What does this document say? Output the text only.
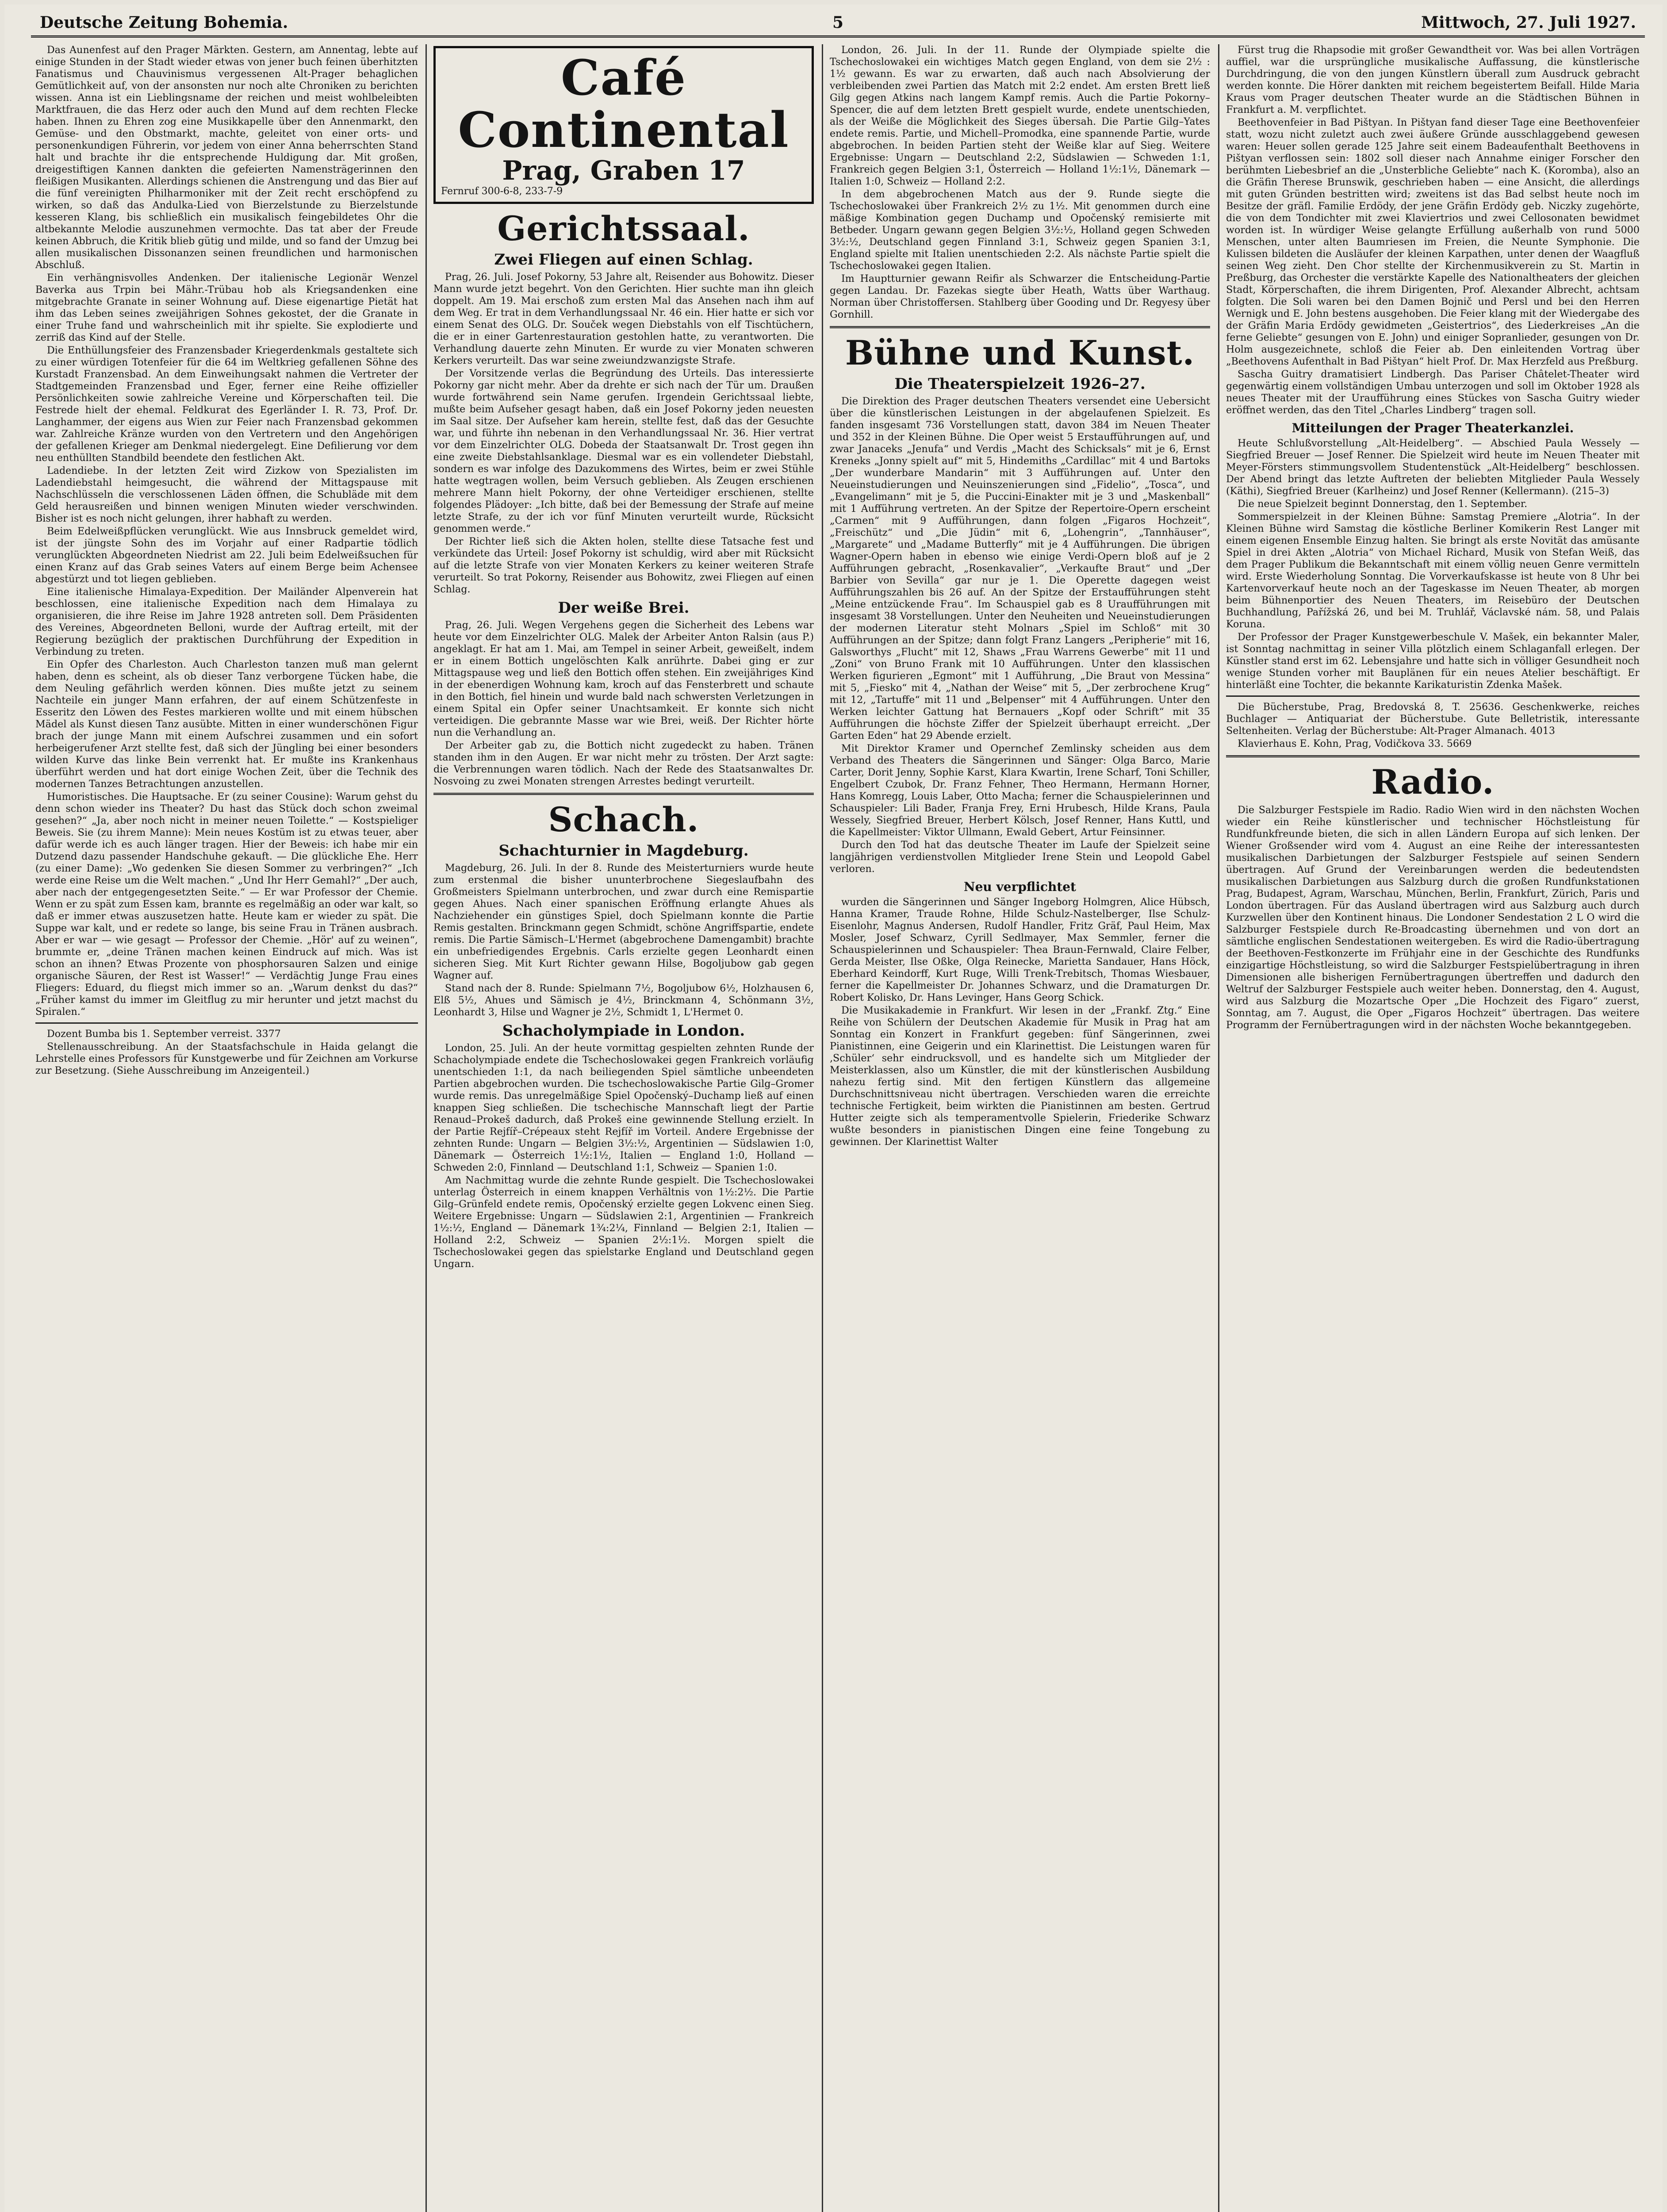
Deutsche Zeitung Bohemia.	5	Mittwoch, 27. Juli 1927.

Das Aunenfest auf den Prager Märkten. Gestern, am Annentag, lebte auf einige Stunden in der Stadt wieder etwas von jener buch feinen überhitzten Fanatismus und Chauvinismus vergessenen Alt-Prager behaglichen Gemütlichkeit auf, von der ansonsten nur noch alte Chroniken zu berichten wissen. Anna ist ein Lieblingsname der reichen und meist wohlbeleibten Marktfrauen, die das Herz oder auch den Mund auf dem rechten Flecke haben. Ihnen zu Ehren zog eine Musikkapelle über den Annenmarkt, den Gemüse- und den Obstmarkt, machte, geleitet von einer orts- und personenkundigen Führerin, vor jedem von einer Anna beherrschten Stand halt und brachte ihr die entsprechende Huldigung dar. Mit großen, dreigestiftigen Kannen dankten die gefeierten Namensträgerinnen den fleißigen Musikanten. Allerdings schienen die Anstrengung und das Bier auf die fünf vereinigten Philharmoniker mit der Zeit recht erschöpfend zu wirken, so daß das Andulka-Lied von Bierzelstunde zu Bierzelstunde kesseren Klang, bis schließlich ein musikalisch feingebildetes Ohr die altbekannte Melodie auszunehmen vermochte. Das tat aber der Freude keinen Abbruch, die Kritik blieb gütig und milde, und so fand der Umzug bei allen musikalischen Dissonanzen seinen freundlichen und harmonischen Abschluß.

Ein verhängnisvolles Andenken. Der italienische Legionär Wenzel Baverka aus Trpin bei Mähr.-Trübau hob als Kriegsandenken eine mitgebrachte Granate in seiner Wohnung auf. Diese eigenartige Pietät hat ihm das Leben seines zweijährigen Sohnes gekostet, der die Granate in einer Truhe fand und wahrscheinlich mit ihr spielte. Sie explodierte und zerriß das Kind auf der Stelle.

Die Enthüllungsfeier des Franzensbader Kriegerdenkmals gestaltete sich zu einer würdigen Totenfeier für die 64 im Weltkrieg gefallenen Söhne des Kurstadt Franzensbad. An dem Einweihungsakt nahmen die Vertreter der Stadtgemeinden Franzensbad und Eger, ferner eine Reihe offizieller Persönlichkeiten sowie zahlreiche Vereine und Körperschaften teil. Die Festrede hielt der ehemal. Feldkurat des Egerländer I. R. 73, Prof. Dr. Langhammer, der eigens aus Wien zur Feier nach Franzensbad gekommen war. Zahlreiche Kränze wurden von den Vertretern und den Angehörigen der gefallenen Krieger am Denkmal niedergelegt. Eine Defilierung vor dem neu enthüllten Standbild beendete den festlichen Akt.

Ladendiebe. In der letzten Zeit wird Zizkow von Spezialisten im Ladendiebstahl heimgesucht, die während der Mittagspause mit Nachschlüsseln die verschlossenen Läden öffnen, die Schubläde mit dem Geld herausreißen und binnen wenigen Minuten wieder verschwinden. Bisher ist es noch nicht gelungen, ihrer habhaft zu werden.

Beim Edelweißpflücken verunglückt. Wie aus Innsbruck gemeldet wird, ist der jüngste Sohn des im Vorjahr auf einer Radpartie tödlich verunglückten Abgeordneten Niedrist am 22. Juli beim Edelweißsuchen für einen Kranz auf das Grab seines Vaters auf einem Berge beim Achensee abgestürzt und tot liegen geblieben.

Eine italienische Himalaya-Expedition. Der Mailänder Alpenverein hat beschlossen, eine italienische Expedition nach dem Himalaya zu organisieren, die ihre Reise im Jahre 1928 antreten soll. Dem Präsidenten des Vereines, Abgeordneten Belloni, wurde der Auftrag erteilt, mit der Regierung bezüglich der praktischen Durchführung der Expedition in Verbindung zu treten.

Ein Opfer des Charleston. Auch Charleston tanzen muß man gelernt haben, denn es scheint, als ob dieser Tanz verborgene Tücken habe, die dem Neuling gefährlich werden können. Dies mußte jetzt zu seinem Nachteile ein junger Mann erfahren, der auf einem Schützenfeste in Esseritz den Löwen des Festes markieren wollte und mit einem hübschen Mädel als Kunst diesen Tanz ausübte. Mitten in einer wunderschönen Figur brach der junge Mann mit einem Aufschrei zusammen und ein sofort herbeigerufener Arzt stellte fest, daß sich der Jüngling bei einer besonders wilden Kurve das linke Bein verrenkt hat. Er mußte ins Krankenhaus überführt werden und hat dort einige Wochen Zeit, über die Technik des modernen Tanzes Betrachtungen anzustellen.

Humoristisches. Die Hauptsache. Er (zu seiner Cousine): Warum gehst du denn schon wieder ins Theater? Du hast das Stück doch schon zweimal gesehen?“ „Ja, aber noch nicht in meiner neuen Toilette.“ — Kostspieliger Beweis. Sie (zu ihrem Manne): Mein neues Kostüm ist zu etwas teuer, aber dafür werde ich es auch länger tragen. Hier der Beweis: ich habe mir ein Dutzend dazu passender Handschuhe gekauft. — Die glückliche Ehe. Herr (zu einer Dame): „Wo gedenken Sie diesen Sommer zu verbringen?“ „Ich werde eine Reise um die Welt machen.“ „Und Ihr Herr Gemahl?“ „Der auch, aber nach der entgegengesetzten Seite.“ — Er war Professor der Chemie. Wenn er zu spät zum Essen kam, brannte es regelmäßig an oder war kalt, so daß er immer etwas auszusetzen hatte. Heute kam er wieder zu spät. Die Suppe war kalt, und er redete so lange, bis seine Frau in Tränen ausbrach. Aber er war — wie gesagt — Professor der Chemie. „Hör' auf zu weinen“, brummte er, „deine Tränen machen keinen Eindruck auf mich. Was ist schon an ihnen? Etwas Prozente von phosphorsauren Salzen und einige organische Säuren, der Rest ist Wasser!“ — Verdächtig Junge Frau eines Fliegers: Eduard, du fliegst mich immer so an. „Warum denkst du das?“ „Früher kamst du immer im Gleitflug zu mir herunter und jetzt machst du Spiralen.“

Dozent Bumba bis 1. September verreist. 3377

Stellenausschreibung. An der Staatsfachschule in Haida gelangt die Lehrstelle eines Professors für Kunstgewerbe und für Zeichnen am Vorkurse zur Besetzung. (Siehe Ausschreibung im Anzeigenteil.)

Café Continental
Prag, Graben 17
Fernruf 300-6-8, 233-7-9
Gerichtssaal.
Zwei Fliegen auf einen Schlag.

Prag, 26. Juli. Josef Pokorny, 53 Jahre alt, Reisender aus Bohowitz. Dieser Mann wurde jetzt begehrt. Von den Gerichten. Hier suchte man ihn gleich doppelt. Am 19. Mai erschoß zum ersten Mal das Ansehen nach ihm auf dem Weg. Er trat in dem Verhandlungssaal Nr. 46 ein. Hier hatte er sich vor einem Senat des OLG. Dr. Souček wegen Diebstahls von elf Tischtüchern, die er in einer Gartenrestauration gestohlen hatte, zu verantworten. Die Verhandlung dauerte zehn Minuten. Er wurde zu vier Monaten schweren Kerkers verurteilt. Das war seine zweiundzwanzigste Strafe.

Der Vorsitzende verlas die Begründung des Urteils. Das interessierte Pokorny gar nicht mehr. Aber da drehte er sich nach der Tür um. Draußen wurde fortwährend sein Name gerufen. Irgendein Gerichtssaal liebte, mußte beim Aufseher gesagt haben, daß ein Josef Pokorny jeden neuesten im Saal sitze. Der Aufseher kam herein, stellte fest, daß das der Gesuchte war, und führte ihn nebenan in den Verhandlungssaal Nr. 36. Hier vertrat vor dem Einzelrichter OLG. Dobeda der Staatsanwalt Dr. Trost gegen ihn eine zweite Diebstahlsanklage. Diesmal war es ein vollendeter Diebstahl, sondern es war infolge des Dazukommens des Wirtes, beim er zwei Stühle hatte wegtragen wollen, beim Versuch geblieben. Als Zeugen erschienen mehrere Mann hielt Pokorny, der ohne Verteidiger erschienen, stellte folgendes Plädoyer: „Ich bitte, daß bei der Bemessung der Strafe auf meine letzte Strafe, zu der ich vor fünf Minuten verurteilt wurde, Rücksicht genommen werde.“

Der Richter ließ sich die Akten holen, stellte diese Tatsache fest und verkündete das Urteil: Josef Pokorny ist schuldig, wird aber mit Rücksicht auf die letzte Strafe von vier Monaten Kerkers zu keiner weiteren Strafe verurteilt. So trat Pokorny, Reisender aus Bohowitz, zwei Fliegen auf einen Schlag.

Der weiße Brei.

Prag, 26. Juli. Wegen Vergehens gegen die Sicherheit des Lebens war heute vor dem Einzelrichter OLG. Malek der Arbeiter Anton Ralsin (aus P.) angeklagt. Er hat am 1. Mai, am Tempel in seiner Arbeit, geweißelt, indem er in einem Bottich ungelöschten Kalk anrührte. Dabei ging er zur Mittagspause weg und ließ den Bottich offen stehen. Ein zweijähriges Kind in der ebenerdigen Wohnung kam, kroch auf das Fensterbrett und schaute in den Bottich, fiel hinein und wurde bald nach schwersten Verletzungen in einem Spital ein Opfer seiner Unachtsamkeit. Er konnte sich nicht verteidigen. Die gebrannte Masse war wie Brei, weiß. Der Richter hörte nun die Verhandlung an.

Der Arbeiter gab zu, die Bottich nicht zugedeckt zu haben. Tränen standen ihm in den Augen. Er war nicht mehr zu trösten. Der Arzt sagte: die Verbrennungen waren tödlich. Nach der Rede des Staatsanwaltes Dr. Nosvoing zu zwei Monaten strengen Arrestes bedingt verurteilt.

Schach.
Schachturnier in Magdeburg.

Magdeburg, 26. Juli. In der 8. Runde des Meisterturniers wurde heute zum erstenmal die bisher ununterbrochene Siegeslaufbahn des Großmeisters Spielmann unterbrochen, und zwar durch eine Remispartie gegen Ahues. Nach einer spanischen Eröffnung erlangte Ahues als Nachziehender ein günstiges Spiel, doch Spielmann konnte die Partie Remis gestalten. Brinckmann gegen Schmidt, schöne Angriffspartie, endete remis. Die Partie Sämisch–L'Hermet (abgebrochene Damengambit) brachte ein unbefriedigendes Ergebnis. Carls erzielte gegen Leonhardt einen sicheren Sieg. Mit Kurt Richter gewann Hilse, Bogoljubow gab gegen Wagner auf.

Stand nach der 8. Runde: Spielmann 7½, Bogoljubow 6½, Holzhausen 6, Elß 5½, Ahues und Sämisch je 4½, Brinckmann 4, Schönmann 3½, Leonhardt 3, Hilse und Wagner je 2½, Schmidt 1, L'Hermet 0.

Schacholympiade in London.

London, 25. Juli. An der heute vormittag gespielten zehnten Runde der Schacholympiade endete die Tschechoslowakei gegen Frankreich vorläufig unentschieden 1:1, da nach beiliegenden Spiel sämtliche unbeendeten Partien abgebrochen wurden. Die tschechoslowakische Partie Gilg–Gromer wurde remis. Das unregelmäßige Spiel Opočenský–Duchamp ließ auf einen knappen Sieg schließen. Die tschechische Mannschaft liegt der Partie Renaud–Prokeš dadurch, daß Prokeš eine gewinnende Stellung erzielt. In der Partie Rejfíř–Crépeaux steht Rejfíř im Vorteil. Andere Ergebnisse der zehnten Runde: Ungarn — Belgien 3½:½, Argentinien — Südslawien 1:0, Dänemark — Österreich 1½:1½, Italien — England 1:0, Holland — Schweden 2:0, Finnland — Deutschland 1:1, Schweiz — Spanien 1:0.

Am Nachmittag wurde die zehnte Runde gespielt. Die Tschechoslowakei unterlag Österreich in einem knappen Verhältnis von 1½:2½. Die Partie Gilg–Grünfeld endete remis, Opočenský erzielte gegen Lokvenc einen Sieg. Weitere Ergebnisse: Ungarn — Südslawien 2:1, Argentinien — Frankreich 1½:½, England — Dänemark 1¾:2¼, Finnland — Belgien 2:1, Italien — Holland 2:2, Schweiz — Spanien 2½:1½. Morgen spielt die Tschechoslowakei gegen das spielstarke England und Deutschland gegen Ungarn.

London, 26. Juli. In der 11. Runde der Olympiade spielte die Tschechoslowakei ein wichtiges Match gegen England, von dem sie 2½ : 1½ gewann. Es war zu erwarten, daß auch nach Absolvierung der verbleibenden zwei Partien das Match mit 2:2 endet. Am ersten Brett ließ Gilg gegen Atkins nach langem Kampf remis. Auch die Partie Pokorny–Spencer, die auf dem letzten Brett gespielt wurde, endete unentschieden, als der Weiße die Möglichkeit des Sieges übersah. Die Partie Gilg–Yates endete remis. Partie, und Michell–Promodka, eine spannende Partie, wurde abgebrochen. In beiden Partien steht der Weiße klar auf Sieg. Weitere Ergebnisse: Ungarn — Deutschland 2:2, Südslawien — Schweden 1:1, Frankreich gegen Belgien 3:1, Österreich — Holland 1½:1½, Dänemark — Italien 1:0, Schweiz — Holland 2:2.

In dem abgebrochenen Match aus der 9. Runde siegte die Tschechoslowakei über Frankreich 2½ zu 1½. Mit genommen durch eine mäßige Kombination gegen Duchamp und Opočenský remisierte mit Betbeder. Ungarn gewann gegen Belgien 3½:½, Holland gegen Schweden 3½:½, Deutschland gegen Finnland 3:1, Schweiz gegen Spanien 3:1, England spielte mit Italien unentschieden 2:2. Als nächste Partie spielt die Tschechoslowakei gegen Italien.

Im Hauptturnier gewann Reifir als Schwarzer die Entscheidung-Partie gegen Landau. Dr. Fazekas siegte über Heath, Watts über Warthaug. Norman über Christoffersen. Stahlberg über Gooding und Dr. Regyesy über Gornhill.

Bühne und Kunst.
Die Theaterspielzeit 1926–27.

Die Direktion des Prager deutschen Theaters versendet eine Uebersicht über die künstlerischen Leistungen in der abgelaufenen Spielzeit. Es fanden insgesamt 736 Vorstellungen statt, davon 384 im Neuen Theater und 352 in der Kleinen Bühne. Die Oper weist 5 Erstaufführungen auf, und zwar Janaceks „Jenufa“ und Verdis „Macht des Schicksals“ mit je 6, Ernst Kreneks „Jonny spielt auf“ mit 5, Hindemiths „Cardillac“ mit 4 und Bartoks „Der wunderbare Mandarin“ mit 3 Aufführungen auf. Unter den Neueinstudierungen und Neuinszenierungen sind „Fidelio“, „Tosca“, und „Evangelimann“ mit je 5, die Puccini-Einakter mit je 3 und „Maskenball“ mit 1 Aufführung vertreten. An der Spitze der Repertoire-Opern erscheint „Carmen“ mit 9 Aufführungen, dann folgen „Figaros Hochzeit“, „Freischütz“ und „Die Jüdin“ mit 6, „Lohengrin“, „Tannhäuser“, „Margarete“ und „Madame Butterfly“ mit je 4 Aufführungen. Die übrigen Wagner-Opern haben in ebenso wie einige Verdi-Opern bloß auf je 2 Aufführungen gebracht, „Rosenkavalier“, „Verkaufte Braut“ und „Der Barbier von Sevilla“ gar nur je 1. Die Operette dagegen weist Aufführungszahlen bis 26 auf. An der Spitze der Erstaufführungen steht „Meine entzückende Frau“. Im Schauspiel gab es 8 Uraufführungen mit insgesamt 38 Vorstellungen. Unter den Neuheiten und Neueinstudierungen der modernen Literatur steht Molnars „Spiel im Schloß“ mit 30 Aufführungen an der Spitze; dann folgt Franz Langers „Peripherie“ mit 16, Galsworthys „Flucht“ mit 12, Shaws „Frau Warrens Gewerbe“ mit 11 und „Zoni“ von Bruno Frank mit 10 Aufführungen. Unter den klassischen Werken figurieren „Egmont“ mit 1 Aufführung, „Die Braut von Messina“ mit 5, „Fiesko“ mit 4, „Nathan der Weise“ mit 5, „Der zerbrochene Krug“ mit 12, „Tartuffe“ mit 11 und „Belpenser“ mit 4 Aufführungen. Unter den Werken leichter Gattung hat Bernauers „Kopf oder Schrift“ mit 35 Aufführungen die höchste Ziffer der Spielzeit überhaupt erreicht. „Der Garten Eden“ hat 29 Abende erzielt.

Mit Direktor Kramer und Opernchef Zemlinsky scheiden aus dem Verband des Theaters die Sängerinnen und Sänger: Olga Barco, Marie Carter, Dorit Jenny, Sophie Karst, Klara Kwartin, Irene Scharf, Toni Schiller, Engelbert Czubok, Dr. Franz Fehner, Theo Hermann, Hermann Horner, Hans Komregg, Louis Laber, Otto Macha; ferner die Schauspielerinnen und Schauspieler: Lili Bader, Franja Frey, Erni Hrubesch, Hilde Krans, Paula Wessely, Siegfried Breuer, Herbert Kölsch, Josef Renner, Hans Kuttl, und die Kapellmeister: Viktor Ullmann, Ewald Gebert, Artur Feinsinner.

Durch den Tod hat das deutsche Theater im Laufe der Spielzeit seine langjährigen verdienstvollen Mitglieder Irene Stein und Leopold Gabel verloren.

Neu verpflichtet

wurden die Sängerinnen und Sänger Ingeborg Holmgren, Alice Hübsch, Hanna Kramer, Traude Rohne, Hilde Schulz-Nastelberger, Ilse Schulz-Eisenlohr, Magnus Andersen, Rudolf Handler, Fritz Gräf, Paul Heim, Max Mosler, Josef Schwarz, Cyrill Sedlmayer, Max Semmler, ferner die Schauspielerinnen und Schauspieler: Thea Braun-Fernwald, Claire Felber, Gerda Meister, Ilse Oßke, Olga Reinecke, Marietta Sandauer, Hans Höck, Eberhard Keindorff, Kurt Ruge, Willi Trenk-Trebitsch, Thomas Wiesbauer, ferner die Kapellmeister Dr. Johannes Schwarz, und die Dramaturgen Dr. Robert Kolisko, Dr. Hans Levinger, Hans Georg Schick.

Die Musikakademie in Frankfurt. Wir lesen in der „Frankf. Ztg.“ Eine Reihe von Schülern der Deutschen Akademie für Musik in Prag hat am Sonntag ein Konzert in Frankfurt gegeben: fünf Sängerinnen, zwei Pianistinnen, eine Geigerin und ein Klarinettist. Die Leistungen waren für ‚Schüler‘ sehr eindrucksvoll, und es handelte sich um Mitglieder der Meisterklassen, also um Künstler, die mit der künstlerischen Ausbildung nahezu fertig sind. Mit den fertigen Künstlern das allgemeine Durchschnittsniveau nicht übertragen. Verschieden waren die erreichte technische Fertigkeit, beim wirkten die Pianistinnen am besten. Gertrud Hutter zeigte sich als temperamentvolle Spielerin, Friederike Schwarz wußte besonders in pianistischen Dingen eine feine Tongebung zu gewinnen. Der Klarinettist Walter

Fürst trug die Rhapsodie mit großer Gewandtheit vor. Was bei allen Vorträgen auffiel, war die ursprüngliche musikalische Auffassung, die künstlerische Durchdringung, die von den jungen Künstlern überall zum Ausdruck gebracht werden konnte. Die Hörer dankten mit reichem begeistertem Beifall. Hilde Maria Kraus vom Prager deutschen Theater wurde an die Städtischen Bühnen in Frankfurt a. M. verpflichtet.

Beethovenfeier in Bad Pištyan. In Pištyan fand dieser Tage eine Beethovenfeier statt, wozu nicht zuletzt auch zwei äußere Gründe ausschlaggebend gewesen waren: Heuer sollen gerade 125 Jahre seit einem Badeaufenthalt Beethovens in Pištyan verflossen sein: 1802 soll dieser nach Annahme einiger Forscher den berühmten Liebesbrief an die „Unsterbliche Geliebte“ nach K. (Koromba), also an die Gräfin Therese Brunswik, geschrieben haben — eine Ansicht, die allerdings mit guten Gründen bestritten wird; zweitens ist das Bad selbst heute noch im Besitze der gräfl. Familie Erdödy, der jene Gräfin Erdödy geb. Niczky zugehörte, die von dem Tondichter mit zwei Klaviertrios und zwei Cellosonaten bewidmet worden ist. In würdiger Weise gelangte Erfüllung außerhalb von rund 5000 Menschen, unter alten Baumriesen im Freien, die Neunte Symphonie. Die Kulissen bildeten die Ausläufer der kleinen Karpathen, unter denen der Waagfluß seinen Weg zieht. Den Chor stellte der Kirchenmusikverein zu St. Martin in Preßburg, das Orchester die verstärkte Kapelle des Nationaltheaters der gleichen Stadt, Körperschaften, die ihrem Dirigenten, Prof. Alexander Albrecht, achtsam folgten. Die Soli waren bei den Damen Bojnič und Persl und bei den Herren Wernigk und E. John bestens ausgehoben. Die Feier klang mit der Wiedergabe des der Gräfin Maria Erdödy gewidmeten „Geistertrios“, des Liederkreises „An die ferne Geliebte“ gesungen von E. John) und einiger Sopranlieder, gesungen von Dr. Holm ausgezeichnete, schloß die Feier ab. Den einleitenden Vortrag über „Beethovens Aufenthalt in Bad Pištyan“ hielt Prof. Dr. Max Herzfeld aus Preßburg.

Sascha Guitry dramatisiert Lindbergh. Das Pariser Châtelet-Theater wird gegenwärtig einem vollständigen Umbau unterzogen und soll im Oktober 1928 als neues Theater mit der Uraufführung eines Stückes von Sascha Guitry wieder eröffnet werden, das den Titel „Charles Lindberg“ tragen soll.

Mitteilungen der Prager Theaterkanzlei.

Heute Schlußvorstellung „Alt-Heidelberg“. — Abschied Paula Wessely — Siegfried Breuer — Josef Renner. Die Spielzeit wird heute im Neuen Theater mit Meyer-Försters stimmungsvollem Studentenstück „Alt-Heidelberg“ beschlossen. Der Abend bringt das letzte Auftreten der beliebten Mitglieder Paula Wessely (Käthi), Siegfried Breuer (Karlheinz) und Josef Renner (Kellermann). (215–3)

Die neue Spielzeit beginnt Donnerstag, den 1. September.

Sommerspielzeit in der Kleinen Bühne: Samstag Premiere „Alotria“. In der Kleinen Bühne wird Samstag die köstliche Berliner Komikerin Rest Langer mit einem eigenen Ensemble Einzug halten. Sie bringt als erste Novität das amüsante Spiel in drei Akten „Alotria“ von Michael Richard, Musik von Stefan Weiß, das dem Prager Publikum die Bekanntschaft mit einem völlig neuen Genre vermitteln wird. Erste Wiederholung Sonntag. Die Vorverkaufskasse ist heute von 8 Uhr bei Kartenvorverkauf heute noch an der Tageskasse im Neuen Theater, ab morgen beim Bühnenportier des Neuen Theaters, im Reisebüro der Deutschen Buchhandlung, Pařížská 26, und bei M. Truhlář, Václavské nám. 58, und Palais Koruna.

Der Professor der Prager Kunstgewerbeschule V. Mašek, ein bekannter Maler, ist Sonntag nachmittag in seiner Villa plötzlich einem Schlaganfall erlegen. Der Künstler stand erst im 62. Lebensjahre und hatte sich in völliger Gesundheit noch wenige Stunden vorher mit Bauplänen für ein neues Atelier beschäftigt. Er hinterläßt eine Tochter, die bekannte Karikaturistin Zdenka Mašek.

Die Bücherstube, Prag, Bredovská 8, T. 25636. Geschenkwerke, reiches Buchlager — Antiquariat der Bücherstube. Gute Belletristik, interessante Seltenheiten. Verlag der Bücherstube: Alt-Prager Almanach. 4013

Klavierhaus E. Kohn, Prag, Vodičkova 33. 5669

Radio.

Die Salzburger Festspiele im Radio. Radio Wien wird in den nächsten Wochen wieder ein Reihe künstlerischer und technischer Höchstleistung für Rundfunkfreunde bieten, die sich in allen Ländern Europa auf sich lenken. Der Wiener Großsender wird vom 4. August an eine Reihe der interessantesten musikalischen Darbietungen der Salzburger Festspiele auf seinen Sendern übertragen. Auf Grund der Vereinbarungen werden die bedeutendsten musikalischen Darbietungen aus Salzburg durch die großen Rundfunkstationen Prag, Budapest, Agram, Warschau, München, Berlin, Frankfurt, Zürich, Paris und London übertragen. Für das Ausland übertragen wird aus Salzburg auch durch Kurzwellen über den Kontinent hinaus. Die Londoner Sendestation 2 L O wird die Salzburger Festspiele durch Re-Broadcasting übernehmen und von dort an sämtliche englischen Sendestationen weitergeben. Es wird die Radio-übertragung der Beethoven-Festkonzerte im Frühjahr eine in der Geschichte des Rundfunks einzigartige Höchstleistung, so wird die Salzburger Festspielübertragung in ihren Dimensionen alle bisherigen Fernübertragungen übertreffen und dadurch den Weltruf der Salzburger Festspiele auch weiter heben. Donnerstag, den 4. August, wird aus Salzburg die Mozartsche Oper „Die Hochzeit des Figaro“ zuerst, Sonntag, am 7. August, die Oper „Figaros Hochzeit“ übertragen. Das weitere Programm der Fernübertragungen wird in der nächsten Woche bekanntgegeben.
